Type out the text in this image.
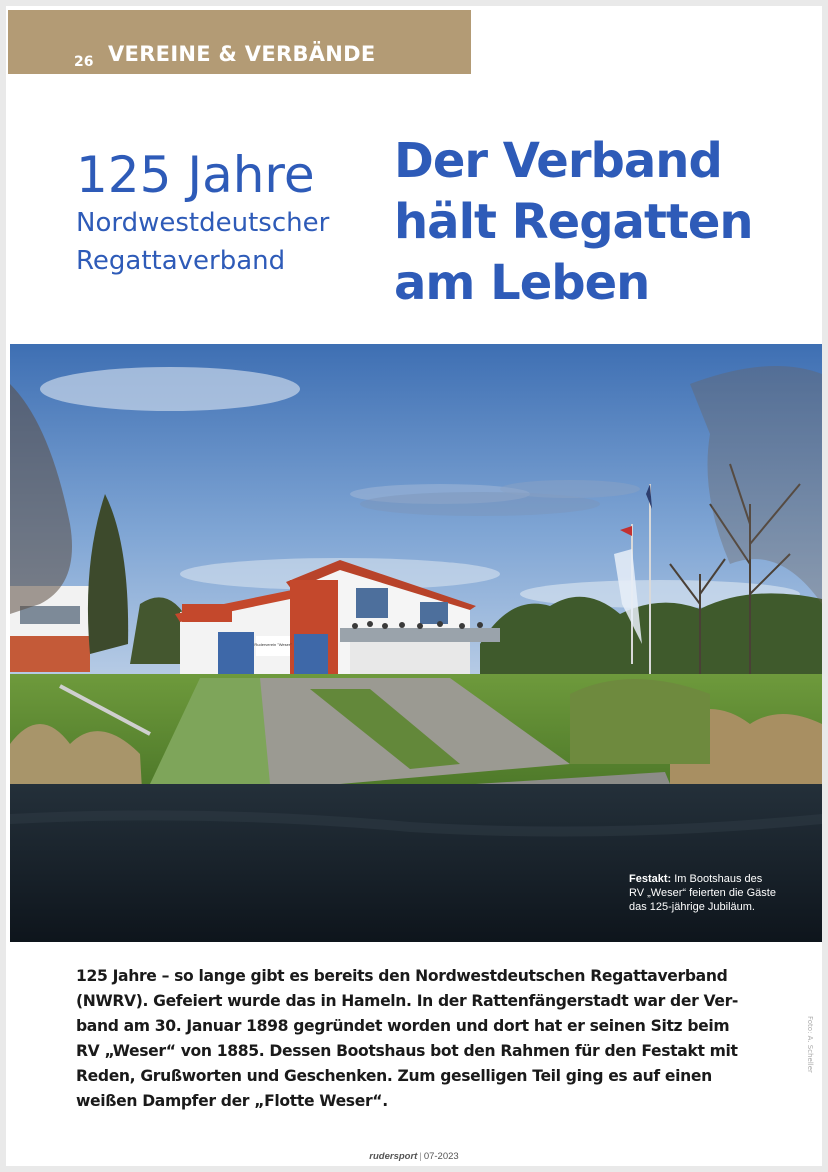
26 VEREINE & VERBÄNDE
125 Jahre
Nordwestdeutscher
Regattaverband
Der Verband
hält Regatten
am Leben
Ruderverein "Weser"
Festakt: Im Bootshaus des
RV „Weser“ feierten die Gäste
das 125-jährige Jubiläum.
125 Jahre – so lange gibt es bereits den Nordwestdeutschen Regattaverband
(NWRV). Gefeiert wurde das in Hameln. In der Rattenfängerstadt war der Ver-
band am 30. Januar 1898 gegründet worden und dort hat er seinen Sitz beim
RV „Weser“ von 1885. Dessen Bootshaus bot den Rahmen für den Festakt mit
Reden, Grußworten und Geschenken. Zum geselligen Teil ging es auf einen
weißen Dampfer der „Flotte Weser“.
Foto: A. Scheller
rudersport | 07-2023
